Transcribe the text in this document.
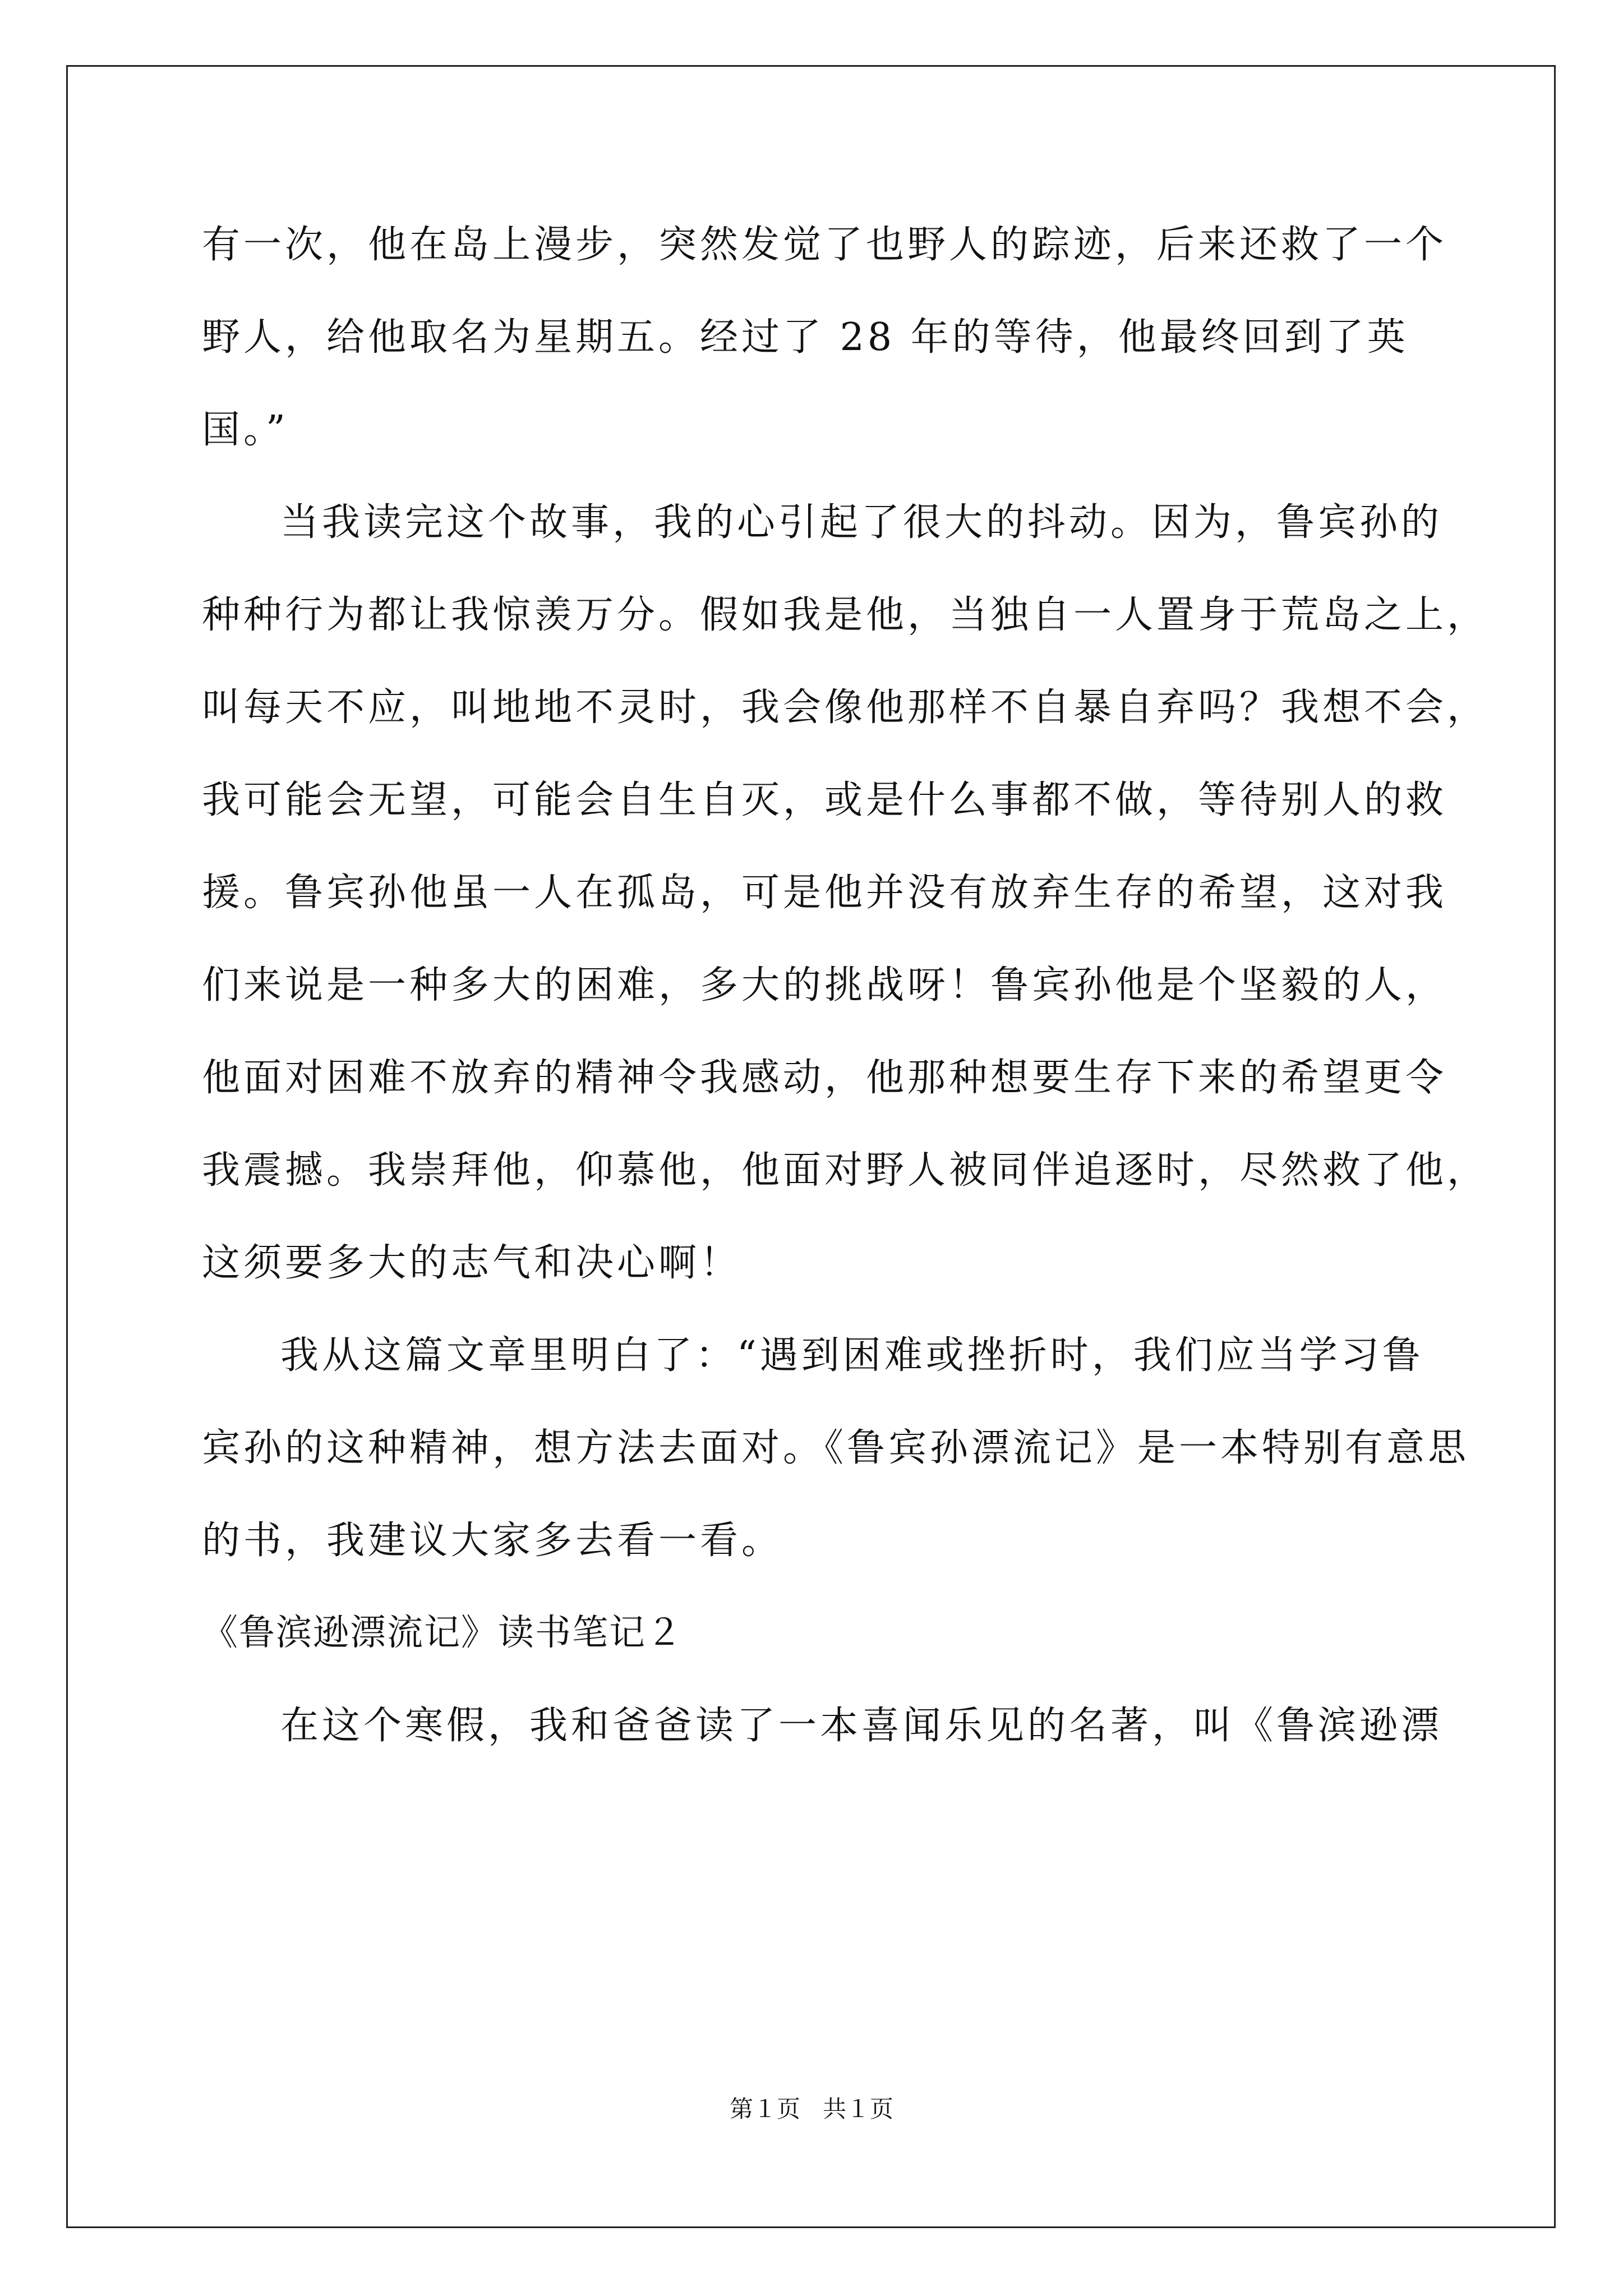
有一次，他在岛上漫步，突然发觉了也野人的踪迹，后来还救了一个
野人，给他取名为星期五。经过了 28 年的等待，他最终回到了英
国。”
当我读完这个故事，我的心引起了很大的抖动。因为，鲁宾孙的
种种行为都让我惊羡万分。假如我是他，当独自一人置身于荒岛之上，
叫每天不应，叫地地不灵时，我会像他那样不自暴自弃吗？我想不会，
我可能会无望，可能会自生自灭，或是什么事都不做，等待别人的救
援。鲁宾孙他虽一人在孤岛，可是他并没有放弃生存的希望，这对我
们来说是一种多大的困难，多大的挑战呀！鲁宾孙他是个坚毅的人，
他面对困难不放弃的精神令我感动，他那种想要生存下来的希望更令
我震撼。我崇拜他，仰慕他，他面对野人被同伴追逐时，尽然救了他，
这须要多大的志气和决心啊！
我从这篇文章里明白了：“遇到困难或挫折时，我们应当学习鲁
宾孙的这种精神，想方法去面对。《鲁宾孙漂流记》是一本特别有意思
的书，我建议大家多去看一看。
《鲁滨逊漂流记》读书笔记２
在这个寒假，我和爸爸读了一本喜闻乐见的名著，叫《鲁滨逊漂
第１页 共１页
